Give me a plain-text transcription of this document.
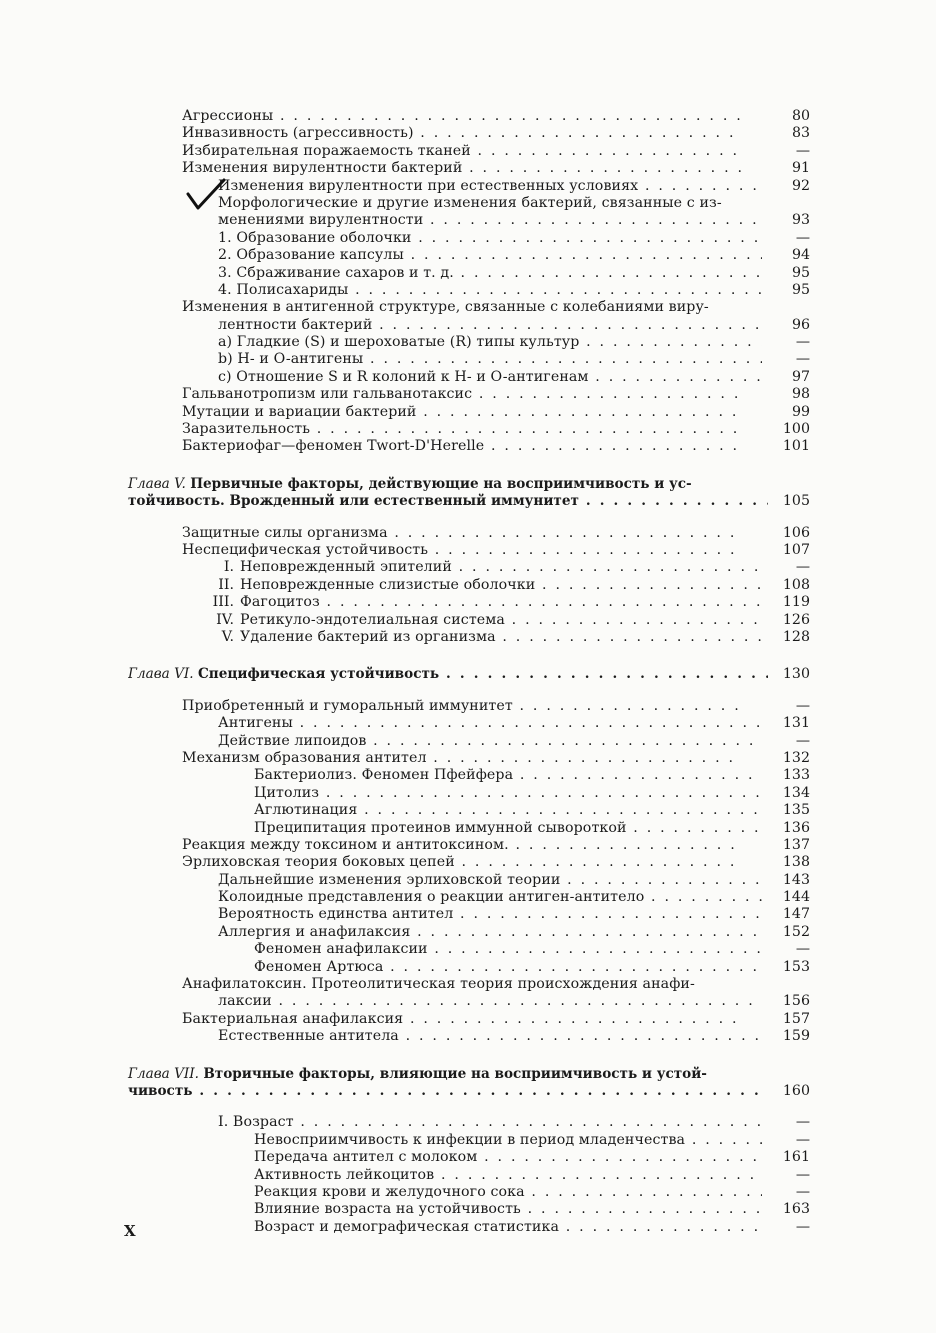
Агрессионы . . .	80
Инвазивность (агрессивность) . . .	83
Избирательная поражаемость тканей . . .	—
Изменения вирулентности бактерий . . .	91
Изменения вирулентности при естественных условиях . . .	92
Морфологические и другие изменения бактерий, связанные с из-
менениями вирулентности . . .	93
1. Образование оболочки . . .	—
2. Образование капсулы . . .	94
3. Сбраживание сахаров и т. д. . . .	95
4. Полисахариды . . .	95
Изменения в антигенной структуре, связанные с колебаниями виру-
лентности бактерий . . .	96
a) Гладкие (S) и шероховатые (R) типы культур . . .	—
b) H- и O-антигены . . .	—
c) Отношение S и R колоний к H- и O-антигенам . . .	97
Гальванотропизм или гальванотаксис . . .	98
Мутации и вариации бактерий . . .	99
Заразительность . . .	100
Бактериофаг—феномен Twort-D'Herelle . . .	101
Глава V. Первичные факторы, действующие на восприимчивость и ус-
тойчивость. Врожденный или естественный иммунитет . . .	105
Защитные силы организма . . .	106
Неспецифическая устойчивость . . .	107
I. Неповрежденный эпителий . . .	—
II. Неповрежденные слизистые оболочки . . .	108
III. Фагоцитоз . . .	119
IV. Ретикуло-эндотелиальная система . . .	126
V. Удаление бактерий из организма . . .	128
Глава VI. Специфическая устойчивость . . .	130
Приобретенный и гуморальный иммунитет . . .	—
Антигены . . .	131
Действие липоидов . . .	—
Механизм образования антител . . .	132
Бактериолиз. Феномен Пфейфера . . .	133
Цитолиз . . .	134
Аглютинация . . .	135
Преципитация протеинов иммунной сывороткой . . .	136
Реакция между токсином и антитоксином. . . .	137
Эрлиховская теория боковых цепей . . .	138
Дальнейшие изменения эрлиховской теории . . .	143
Колоидные представления о реакции антиген-антитело . . .	144
Вероятность единства антител . . .	147
Аллергия и анафилаксия . . .	152
Феномен анафилаксии . . .	—
Феномен Артюса . . .	153
Анафилатоксин. Протеолитическая теория происхождения анафи-
лаксии . . .	156
Бактериальная анафилаксия . . .	157
Естественные антитела . . .	159
Глава VII. Вторичные факторы, влияющие на восприимчивость и устой-
чивость . . .	160
I. Возраст . . .	—
Невосприимчивость к инфекции в период младенчества . . .	—
Передача антител с молоком . . .	161
Активность лейкоцитов . . .	—
Реакция крови и желудочного сока . . .	—
Влияние возраста на устойчивость . . .	163
Возраст и демографическая статистика . . .	—
X
